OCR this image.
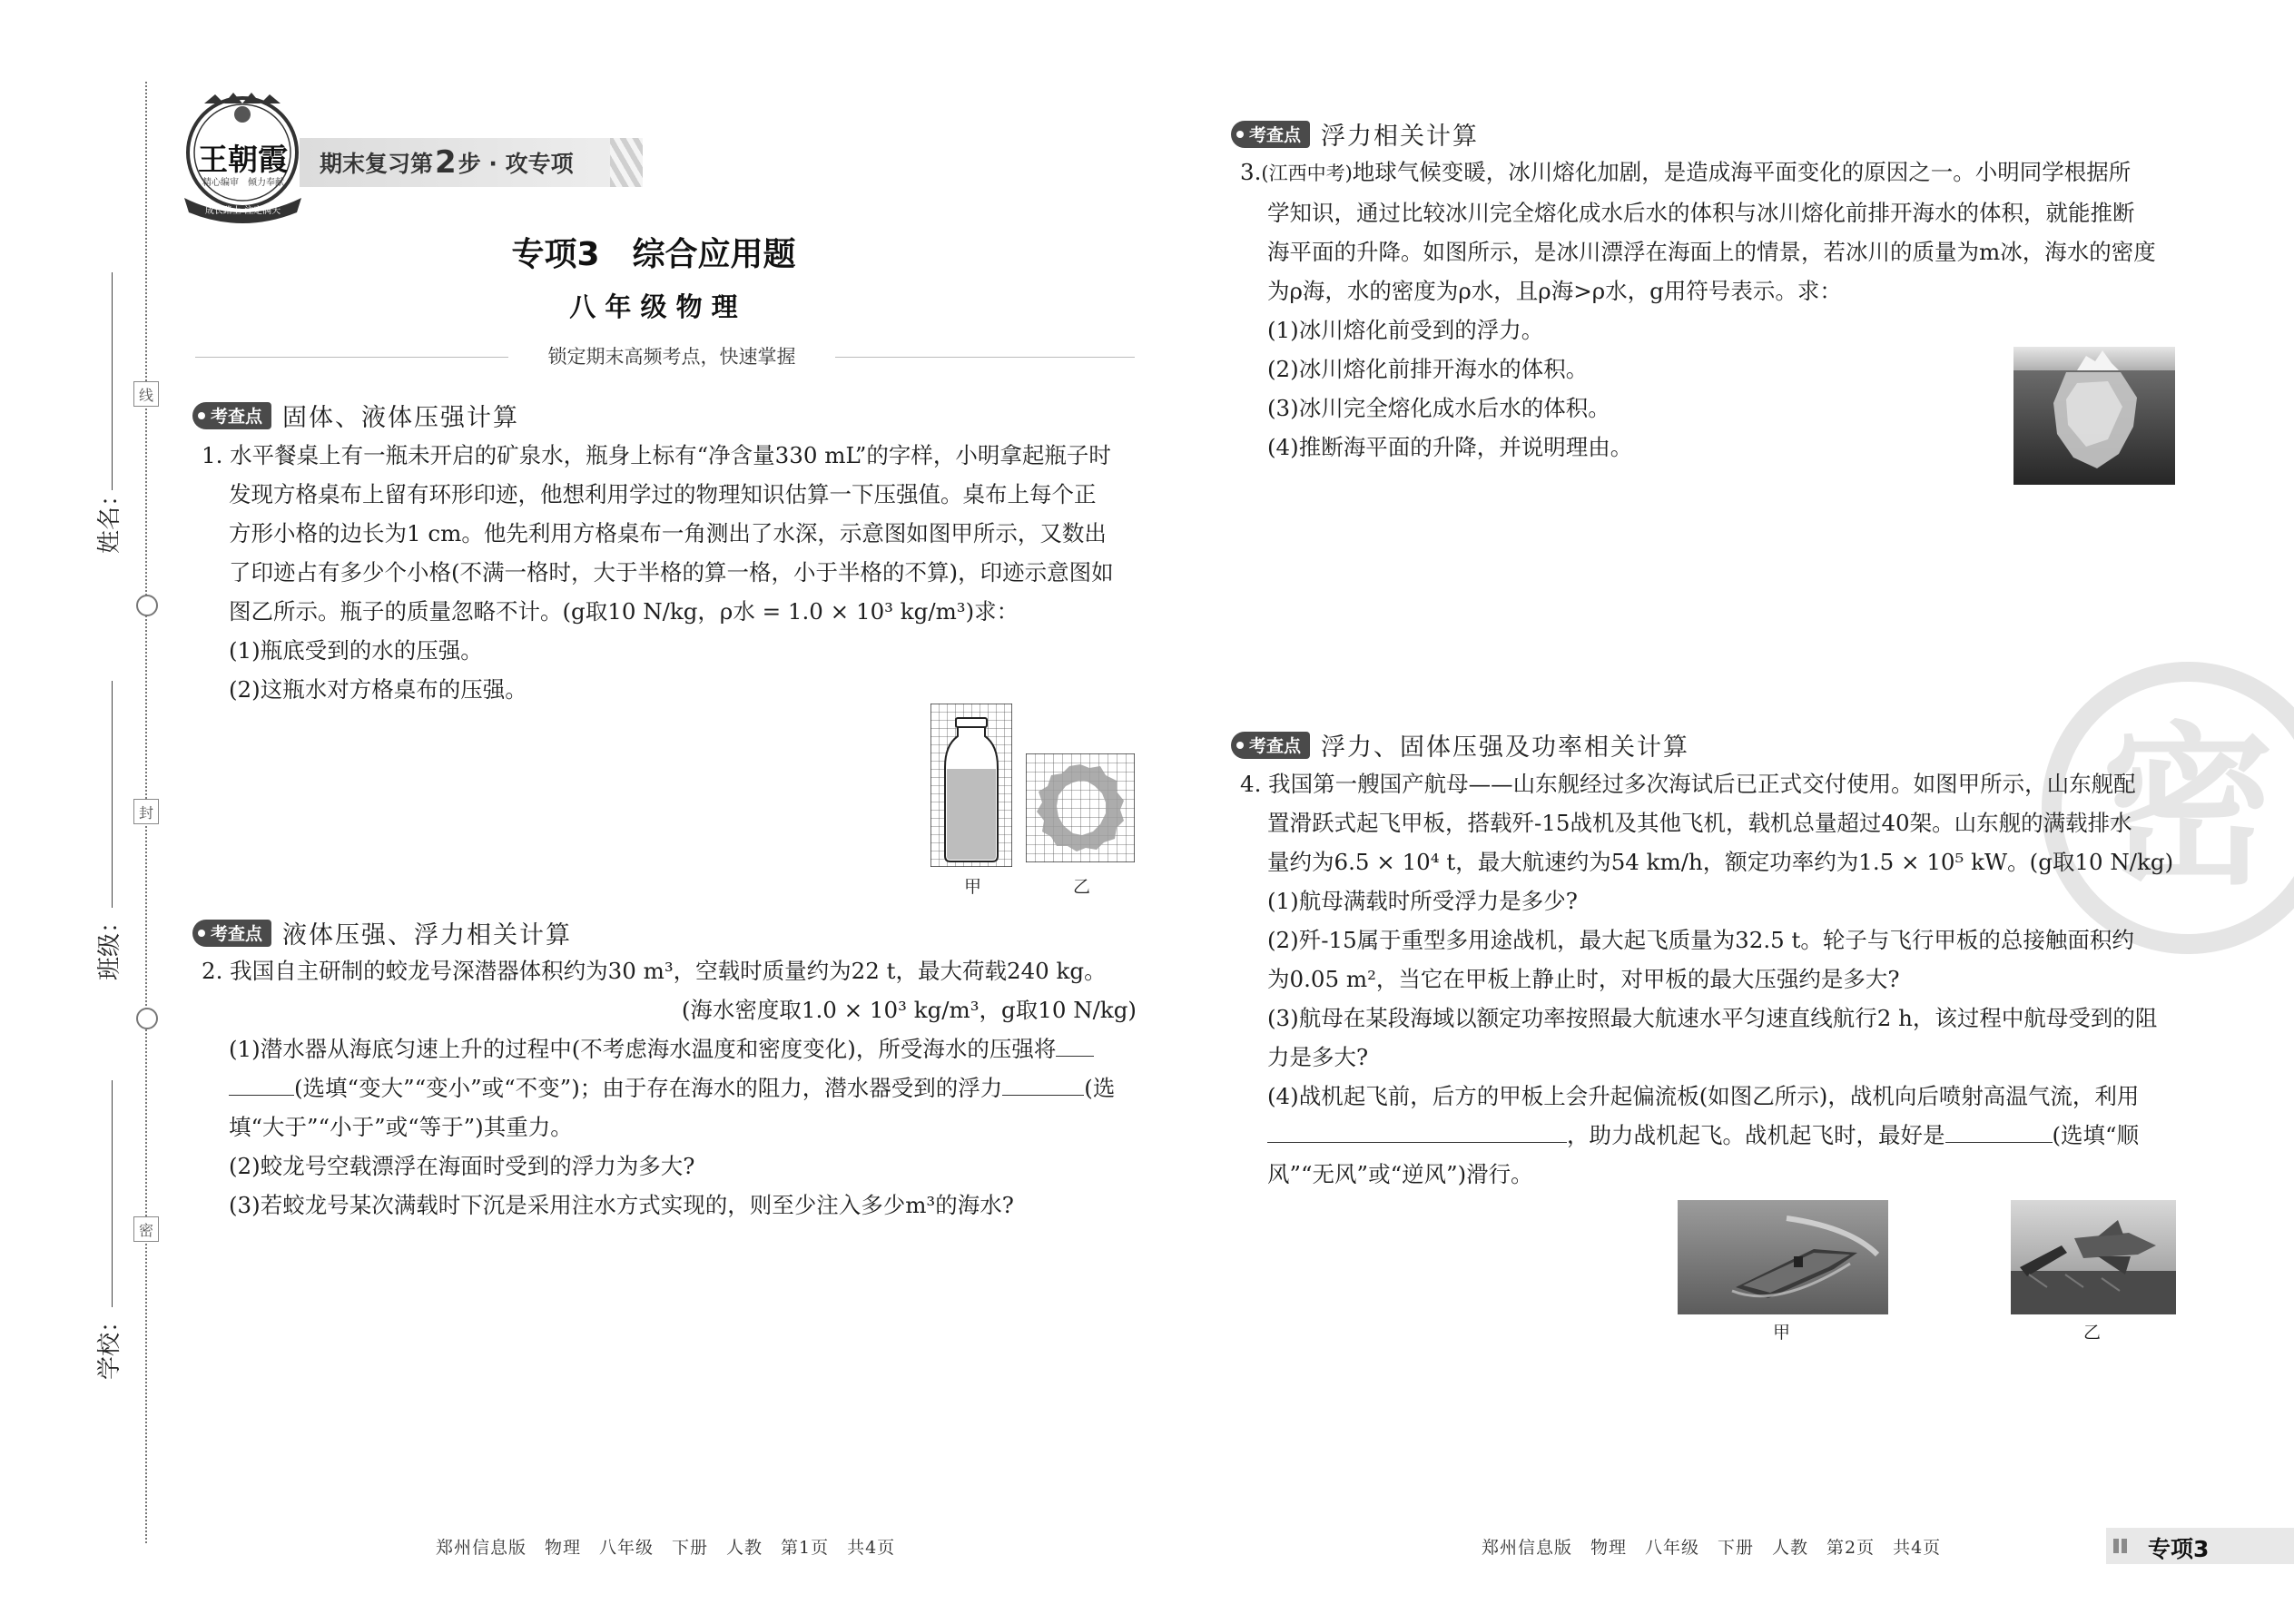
姓名：
班级：
学校：
线
封
密
王朝霞
精心编审 倾力奉献
成长路上 注定满天
期末复习第 2 步 · 攻专项
专项3　综合应用题
八 年 级 物 理
锁定期末高频考点，快速掌握
考查点 固体、液体压强计算

1. 水平餐桌上有一瓶未开启的矿泉水，瓶身上标有“净含量330 mL”的字样，小明拿起瓶子时

发现方格桌布上留有环形印迹，他想利用学过的物理知识估算一下压强值。桌布上每个正

方形小格的边长为1 cm。他先利用方格桌布一角测出了水深，示意图如图甲所示，又数出

了印迹占有多少个小格(不满一格时，大于半格的算一格，小于半格的不算)，印迹示意图如

图乙所示。瓶子的质量忽略不计。(g取10 N/kg，ρ水 = 1.0 × 10³ kg/m³)求：

(1)瓶底受到的水的压强。

(2)这瓶水对方格桌布的压强。

甲	乙
考查点 液体压强、浮力相关计算

2. 我国自主研制的蛟龙号深潜器体积约为30 m³，空载时质量约为22 t，最大荷载240 kg。

(海水密度取1.0 × 10³ kg/m³，g取10 N/kg)

(1)潜水器从海底匀速上升的过程中(不考虑海水温度和密度变化)，所受海水的压强将

(选填“变大”“变小”或“不变”)；由于存在海水的阻力，潜水器受到的浮力	(选

填“大于”“小于”或“等于”)其重力。

(2)蛟龙号空载漂浮在海面时受到的浮力为多大?

(3)若蛟龙号某次满载时下沉是采用注水方式实现的，则至少注入多少m³的海水?

考查点 浮力相关计算

3.(江西中考)地球气候变暖，冰川熔化加剧，是造成海平面变化的原因之一。小明同学根据所

学知识，通过比较冰川完全熔化成水后水的体积与冰川熔化前排开海水的体积，就能推断

海平面的升降。如图所示，是冰川漂浮在海面上的情景，若冰川的质量为m冰，海水的密度

为ρ海，水的密度为ρ水，且ρ海>ρ水，g用符号表示。求：

(1)冰川熔化前受到的浮力。

(2)冰川熔化前排开海水的体积。

(3)冰川完全熔化成水后水的体积。

(4)推断海平面的升降，并说明理由。

密
考查点 浮力、固体压强及功率相关计算

4. 我国第一艘国产航母——山东舰经过多次海试后已正式交付使用。如图甲所示，山东舰配

置滑跃式起飞甲板，搭载歼-15战机及其他飞机，载机总量超过40架。山东舰的满载排水

量约为6.5 × 10⁴ t，最大航速约为54 km/h，额定功率约为1.5 × 10⁵ kW。(g取10 N/kg)

(1)航母满载时所受浮力是多少?

(2)歼-15属于重型多用途战机，最大起飞质量为32.5 t。轮子与飞行甲板的总接触面积约

为0.05 m²，当它在甲板上静止时，对甲板的最大压强约是多大?

(3)航母在某段海域以额定功率按照最大航速水平匀速直线航行2 h，该过程中航母受到的阻

力是多大?

(4)战机起飞前，后方的甲板上会升起偏流板(如图乙所示)，战机向后喷射高温气流，利用

，助力战机起飞。战机起飞时，最好是	(选填“顺

风”“无风”或“逆风”)滑行。

甲	乙
郑州信息版　物理　八年级　下册　人教　第1页　共4页	郑州信息版　物理　八年级　下册　人教　第2页　共4页	专项3
